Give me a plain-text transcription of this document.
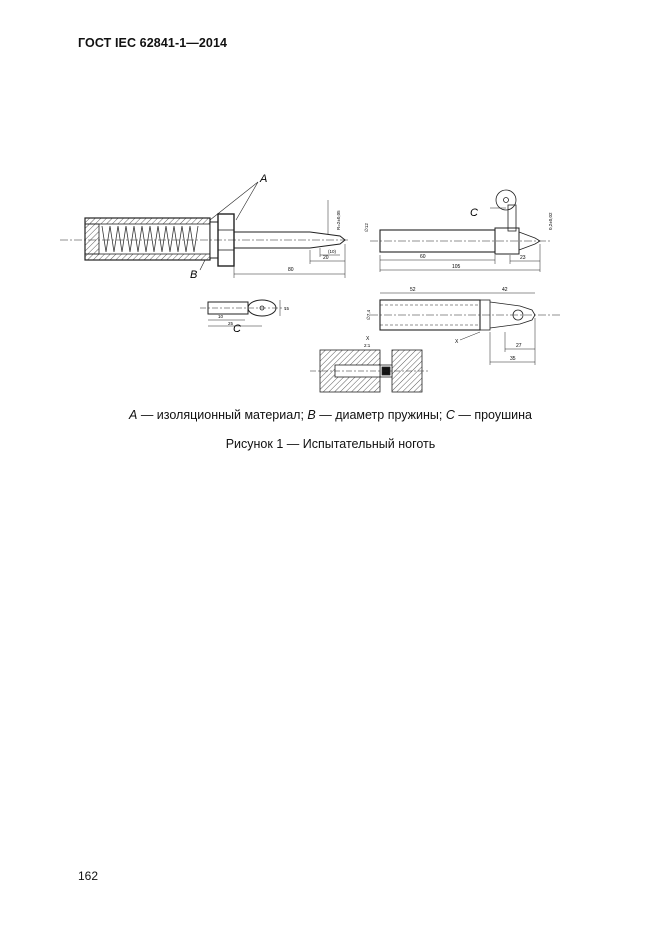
ГОСТ IEC 62841-1—2014
A
B	80
20
(10)
R=2±0,05	C
60
105
23
∅12	0,2±0,02
52	42
27
35
∅7,4
X
C
10
25
15
X
2:1
A — изоляционный материал; B — диаметр пружины; C — проушина
Рисунок 1 — Испытательный ноготь
162
